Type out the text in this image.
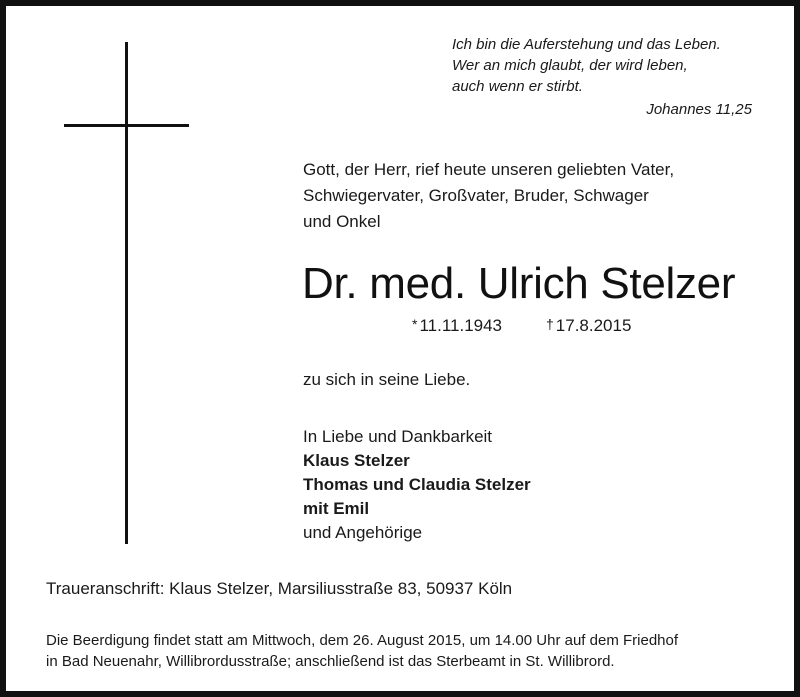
Ich bin die Auferstehung und das Leben.
Wer an mich glaubt, der wird leben,
auch wenn er stirbt.
Johannes 11,25
Gott, der Herr, rief heute unseren geliebten Vater,
Schwiegervater, Großvater, Bruder, Schwager
und Onkel
Dr. med. Ulrich Stelzer
* 11.11.1943	† 17.8.2015
zu sich in seine Liebe.
In Liebe und Dankbarkeit
Klaus Stelzer
Thomas und Claudia Stelzer
mit Emil
und Angehörige
Traueranschrift: Klaus Stelzer, Marsiliusstraße 83, 50937 Köln
Die Beerdigung findet statt am Mittwoch, dem 26. August 2015, um 14.00 Uhr auf dem Friedhof
in Bad Neuenahr, Willibrordusstraße; anschließend ist das Sterbeamt in St. Willibrord.
